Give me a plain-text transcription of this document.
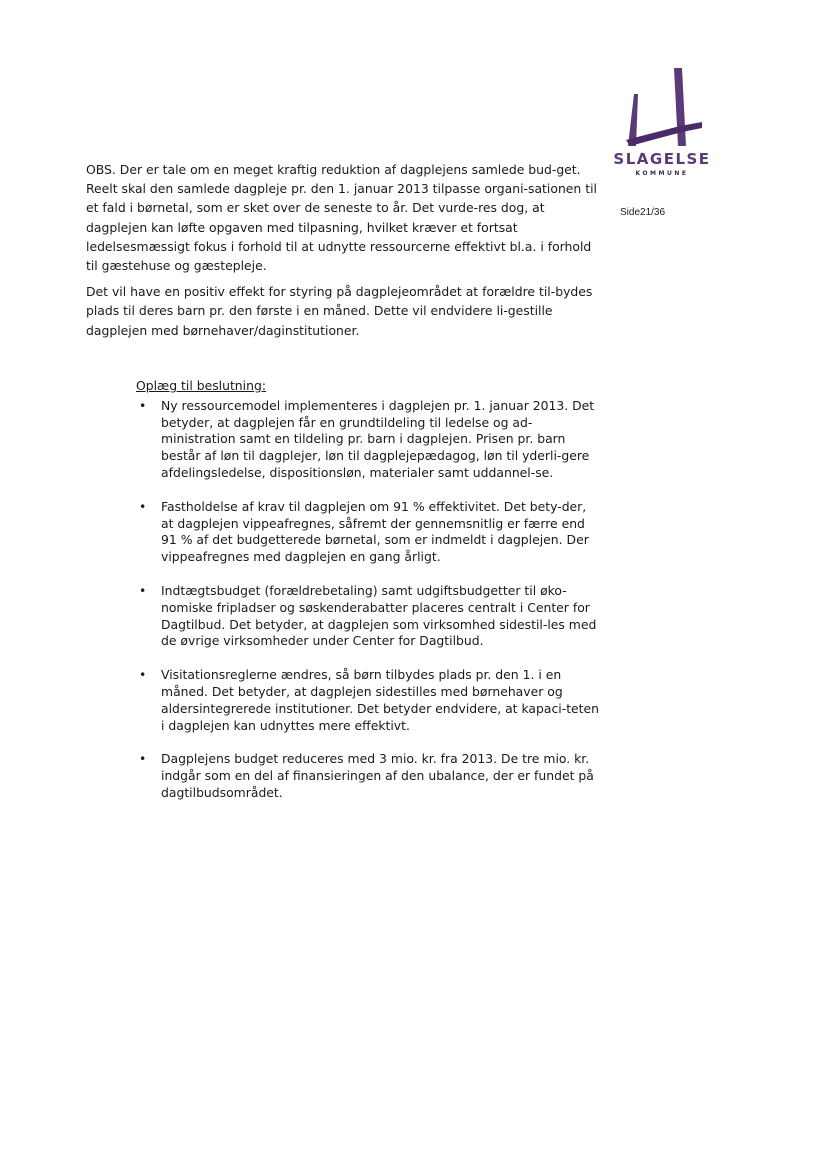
SLAGELSE
KOMMUNE
Side21/36

OBS. Der er tale om en meget kraftig reduktion af dagplejens samlede bud-get. Reelt skal den samlede dagpleje pr. den 1. januar 2013 tilpasse organi-sationen til et fald i børnetal, som er sket over de seneste to år. Det vurde-res dog, at dagplejen kan løfte opgaven med tilpasning, hvilket kræver et fortsat ledelsesmæssigt fokus i forhold til at udnytte ressourcerne effektivt bl.a. i forhold til gæstehuse og gæstepleje.

Det vil have en positiv effekt for styring på dagplejeområdet at forældre til-bydes plads til deres barn pr. den første i en måned. Dette vil endvidere li-gestille dagplejen med børnehaver/daginstitutioner.

Oplæg til beslutning:
• Ny ressourcemodel implementeres i dagplejen pr. 1. januar 2013. Det betyder, at dagplejen får en grundtildeling til ledelse og ad-ministration samt en tildeling pr. barn i dagplejen. Prisen pr. barn består af løn til dagplejer, løn til dagplejepædagog, løn til yderli-gere afdelingsledelse, dispositionsløn, materialer samt uddannel-se.
• Fastholdelse af krav til dagplejen om 91 % effektivitet. Det bety-der, at dagplejen vippeafregnes, såfremt der gennemsnitlig er færre end 91 % af det budgetterede børnetal, som er indmeldt i dagplejen. Der vippeafregnes med dagplejen en gang årligt.
• Indtægtsbudget (forældrebetaling) samt udgiftsbudgetter til øko-nomiske fripladser og søskenderabatter placeres centralt i Center for Dagtilbud. Det betyder, at dagplejen som virksomhed sidestil-les med de øvrige virksomheder under Center for Dagtilbud.
• Visitationsreglerne ændres, så børn tilbydes plads pr. den 1. i en måned. Det betyder, at dagplejen sidestilles med børnehaver og aldersintegrerede institutioner. Det betyder endvidere, at kapaci-teten i dagplejen kan udnyttes mere effektivt.
• Dagplejens budget reduceres med 3 mio. kr. fra 2013. De tre mio. kr. indgår som en del af finansieringen af den ubalance, der er fundet på dagtilbudsområdet.
